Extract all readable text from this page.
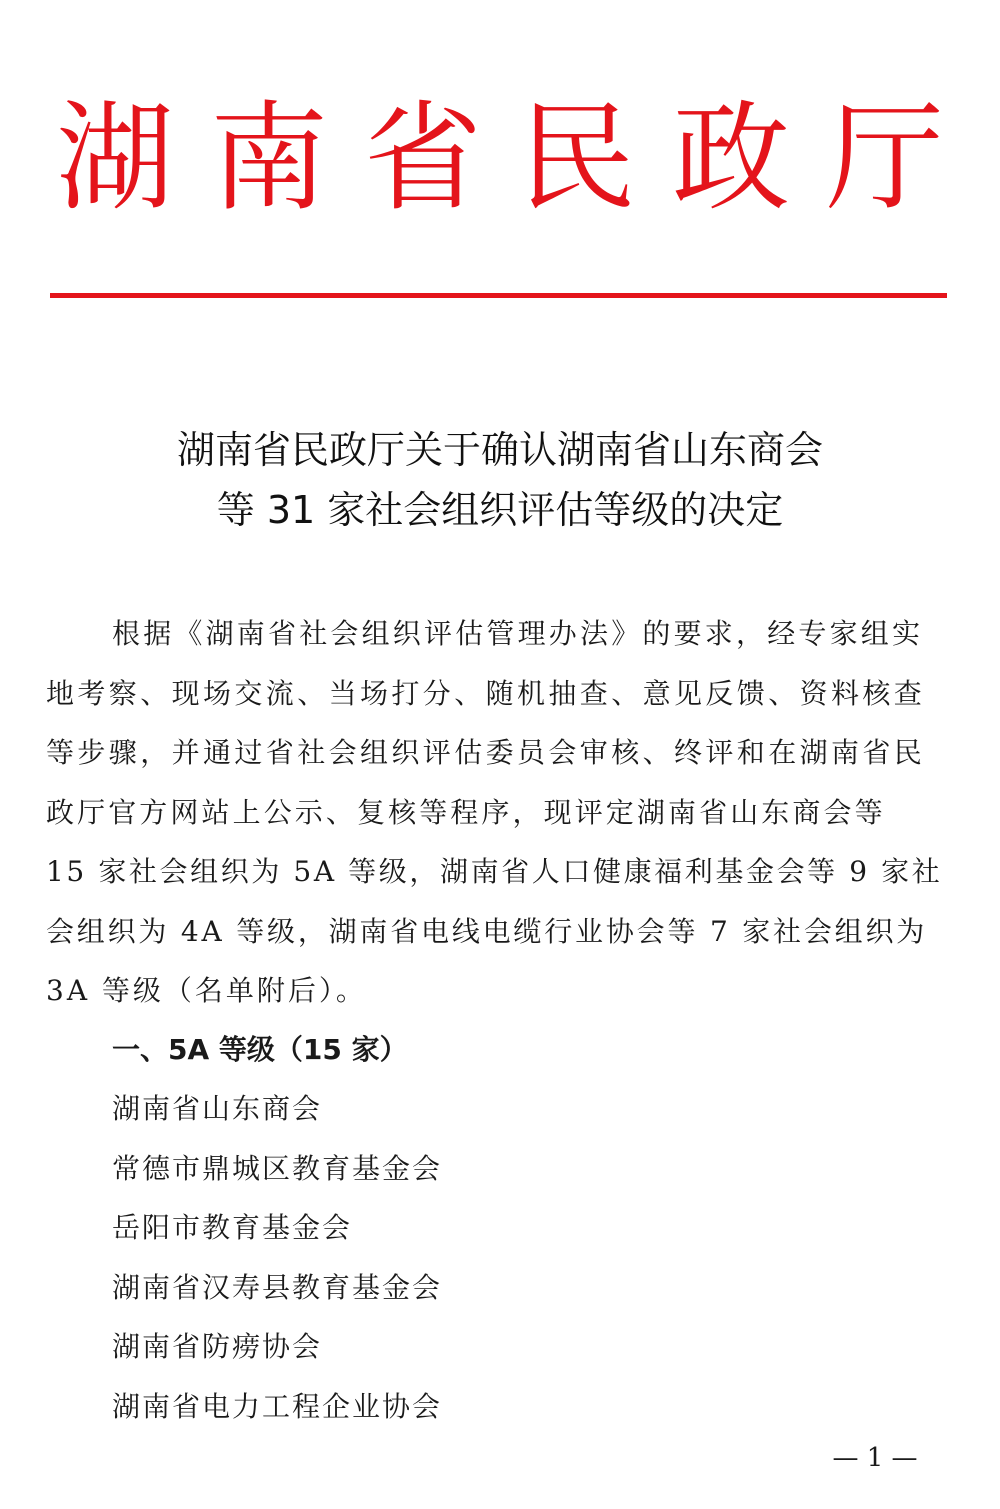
湖 南 省 民 政 厅
湖南省民政厅关于确认湖南省山东商会
等 31 家社会组织评估等级的决定
根据《湖南省社会组织评估管理办法》的要求，经专家组实
地考察、现场交流、当场打分、随机抽查、意见反馈、资料核查
等步骤，并通过省社会组织评估委员会审核、终评和在湖南省民
政厅官方网站上公示、复核等程序，现评定湖南省山东商会等
15 家社会组织为 5A 等级，湖南省人口健康福利基金会等 9 家社
会组织为 4A 等级，湖南省电线电缆行业协会等 7 家社会组织为
3A 等级（名单附后）。
一、5A 等级（15 家）
湖南省山东商会
常德市鼎城区教育基金会
岳阳市教育基金会
湖南省汉寿县教育基金会
湖南省防痨协会
湖南省电力工程企业协会
— 1 —
